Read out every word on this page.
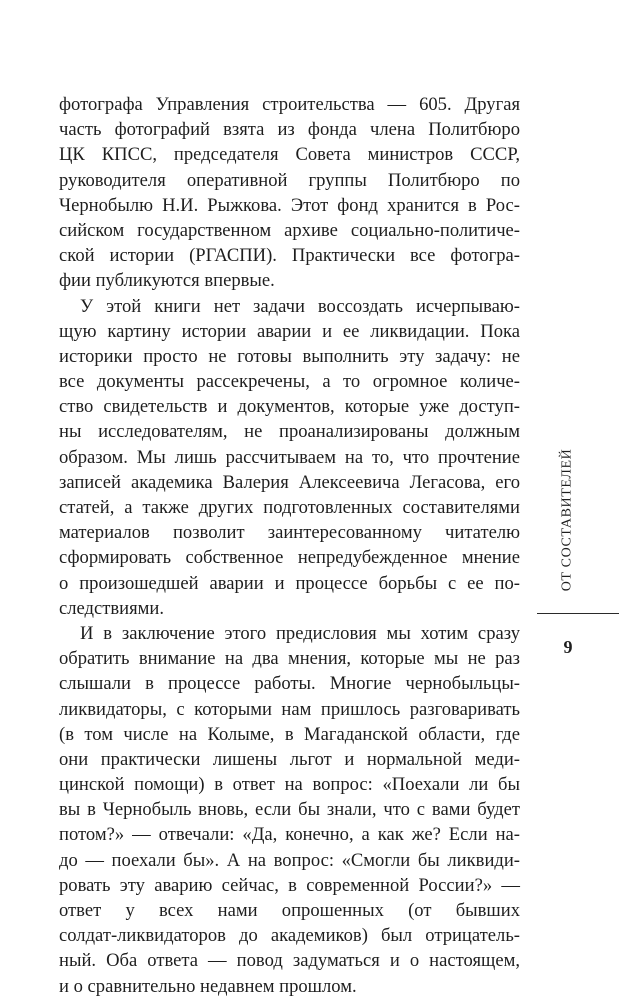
фотографа Управления строительства — 605. Другая
часть фотографий взята из фонда члена Политбюро
ЦК КПСС, председателя Совета министров СССР,
руководителя оперативной группы Политбюро по
Чернобылю Н.И. Рыжкова. Этот фонд хранится в Рос-
сийском государственном архиве социально-политиче-
ской истории (РГАСПИ). Практически все фотогра-
фии публикуются впервые.
У этой книги нет задачи воссоздать исчерпываю-
щую картину истории аварии и ее ликвидации. Пока
историки просто не готовы выполнить эту задачу: не
все документы рассекречены, а то огромное количе-
ство свидетельств и документов, которые уже доступ-
ны исследователям, не проанализированы должным
образом. Мы лишь рассчитываем на то, что прочтение
записей академика Валерия Алексеевича Легасова, его
статей, а также других подготовленных составителями
материалов позволит заинтересованному читателю
сформировать собственное непредубежденное мнение
о произошедшей аварии и процессе борьбы с ее по-
следствиями.
И в заключение этого предисловия мы хотим сразу
обратить внимание на два мнения, которые мы не раз
слышали в процессе работы. Многие чернобыльцы-
ликвидаторы, с которыми нам пришлось разговаривать
(в том числе на Колыме, в Магаданской области, где
они практически лишены льгот и нормальной меди-
цинской помощи) в ответ на вопрос: «Поехали ли бы
вы в Чернобыль вновь, если бы знали, что с вами будет
потом?» — отвечали: «Да, конечно, а как же? Если на-
до — поехали бы». А на вопрос: «Смогли бы ликвиди-
ровать эту аварию сейчас, в современной России?» —
ответ у всех нами опрошенных (от бывших
солдат-ликвидаторов до академиков) был отрицатель-
ный. Оба ответа — повод задуматься и о настоящем,
и о сравнительно недавнем прошлом.
ОТ СОСТАВИТЕЛЕЙ
9
